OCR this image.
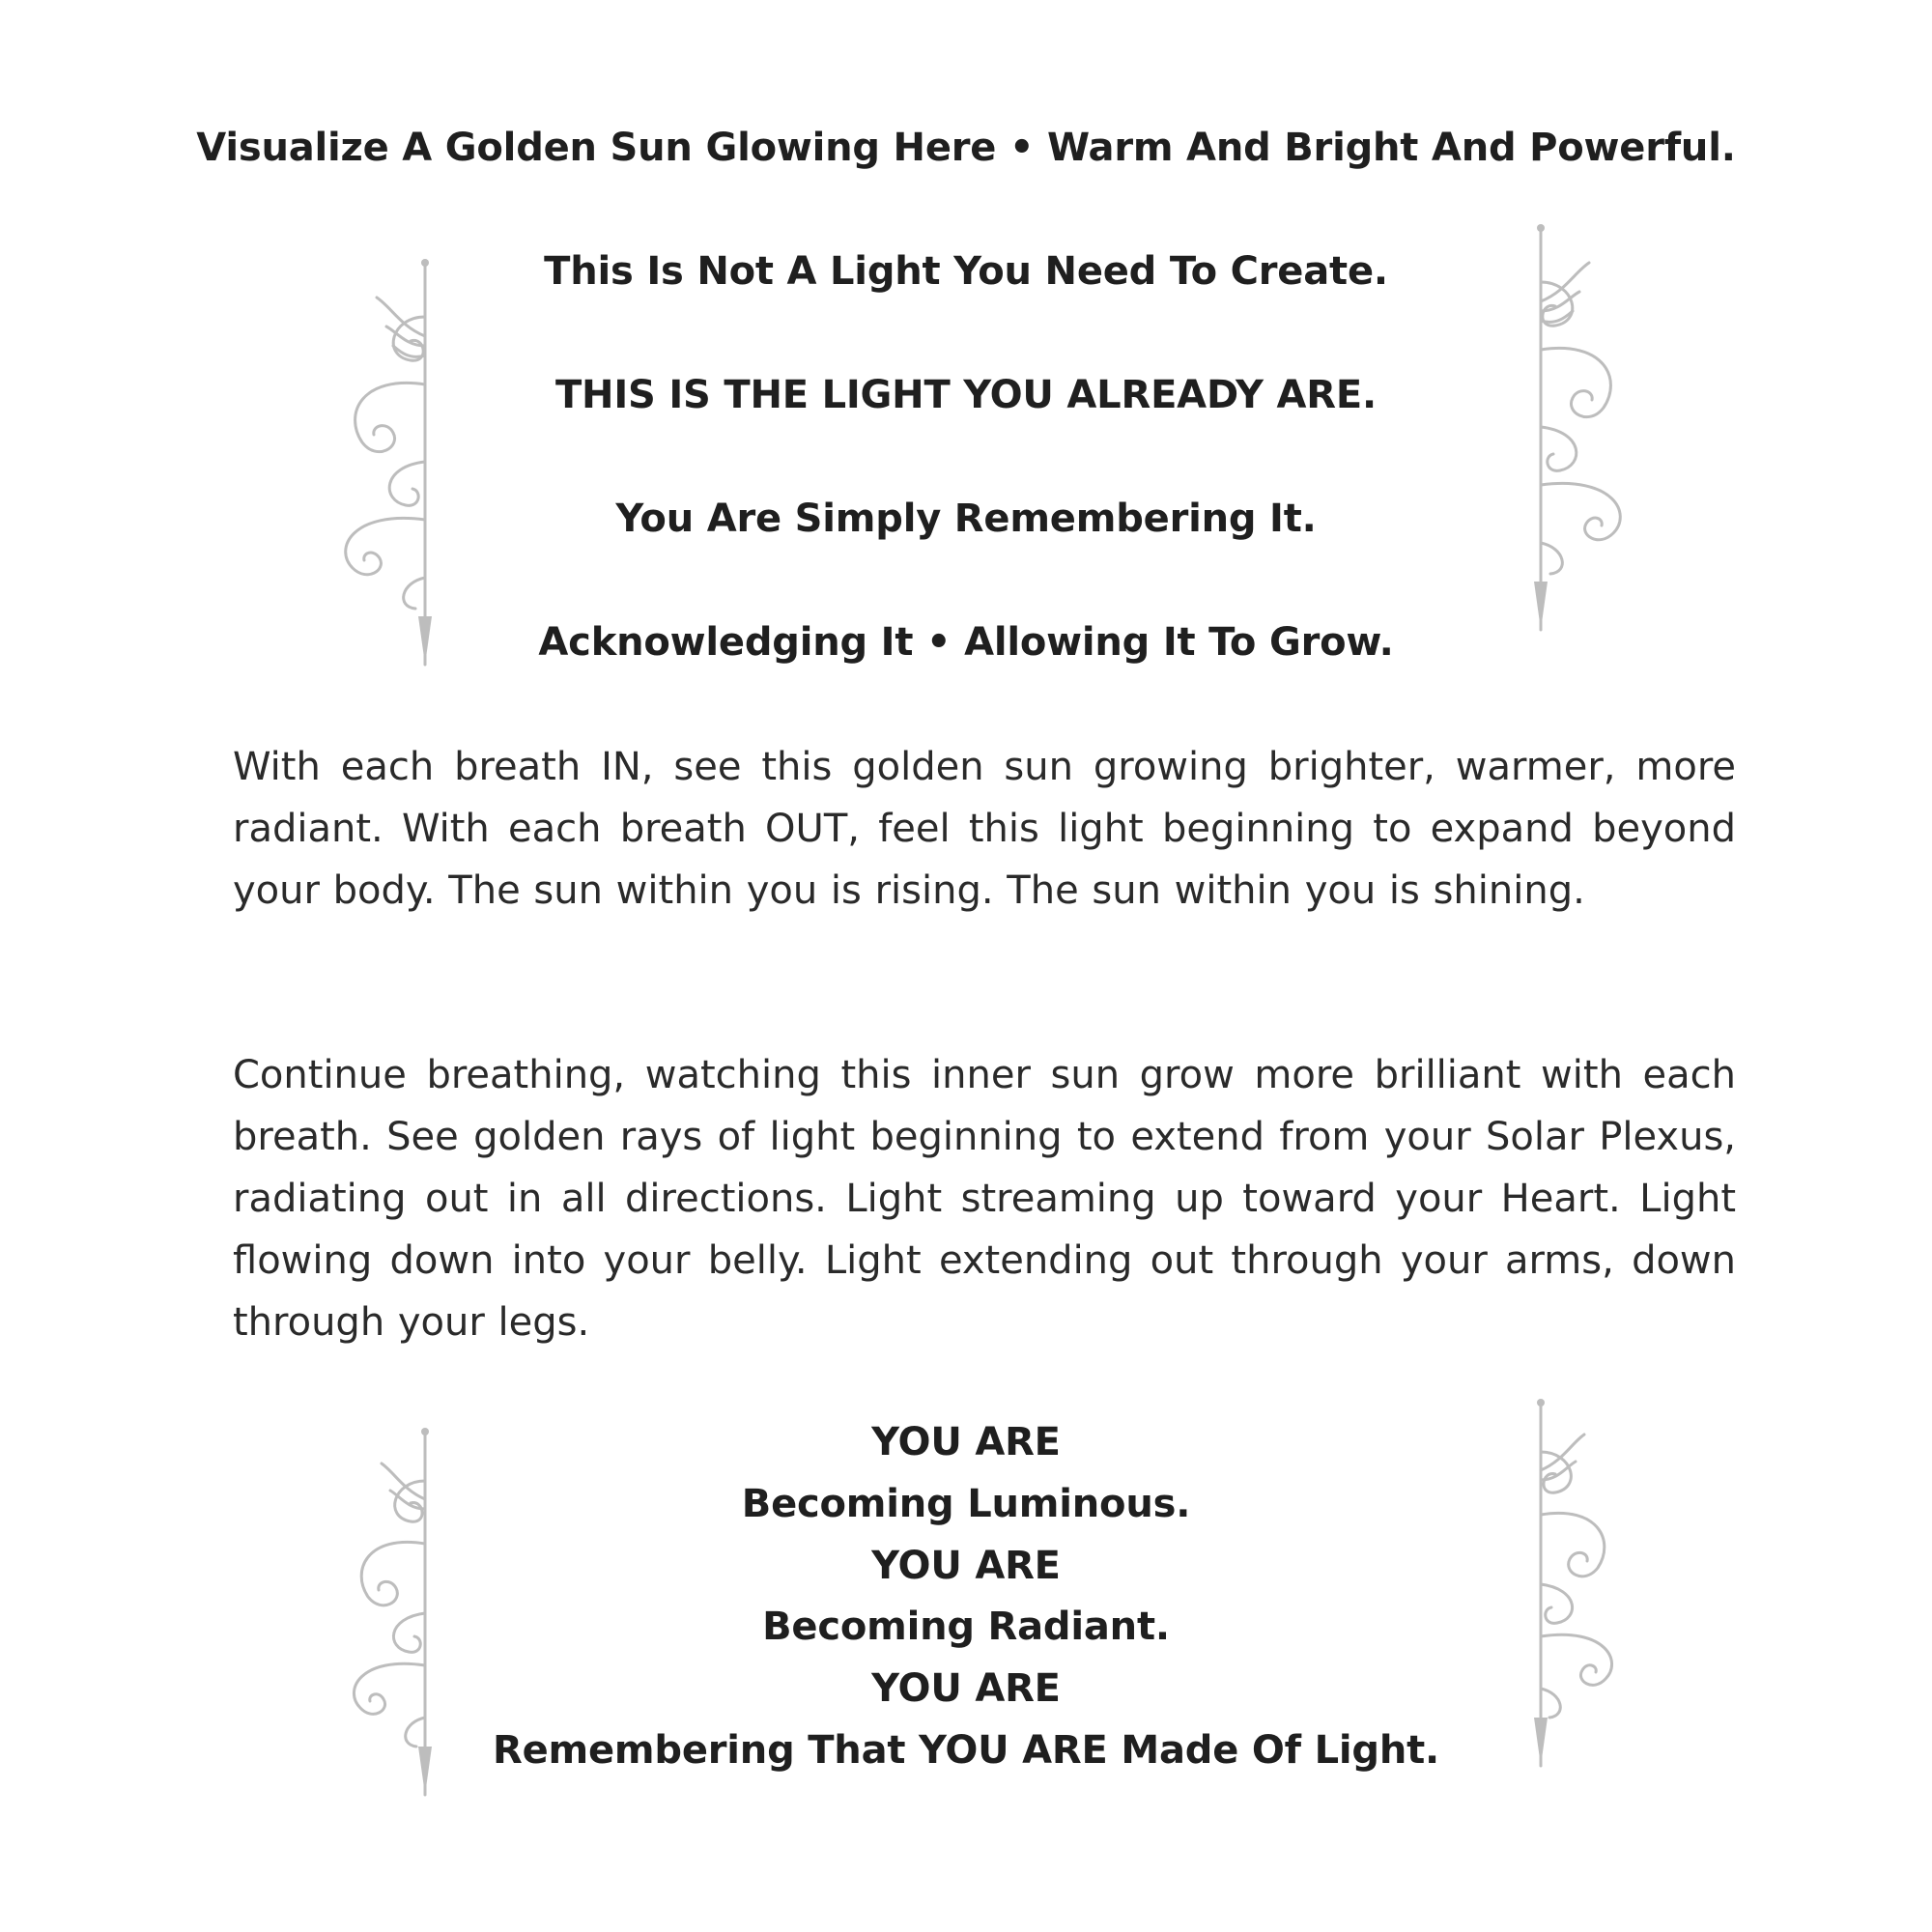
Visualize A Golden Sun Glowing Here • Warm And Bright And Powerful.
This Is Not A Light You Need To Create.
THIS IS THE LIGHT YOU ALREADY ARE.
You Are Simply Remembering It.
Acknowledging It • Allowing It To Grow.

With each breath IN, see this golden sun growing brighter, warmer, more radiant. With each breath OUT, feel this light beginning to expand beyond your body. The sun within you is rising. The sun within you is shining.

Continue breathing, watching this inner sun grow more brilliant with each breath. See golden rays of light beginning to extend from your Solar Plexus, radiating out in all directions. Light streaming up toward your Heart. Light flowing down into your belly. Light extending out through your arms, down through your legs.

YOU ARE
Becoming Luminous.
YOU ARE
Becoming Radiant.
YOU ARE
Remembering That YOU ARE Made Of Light.
